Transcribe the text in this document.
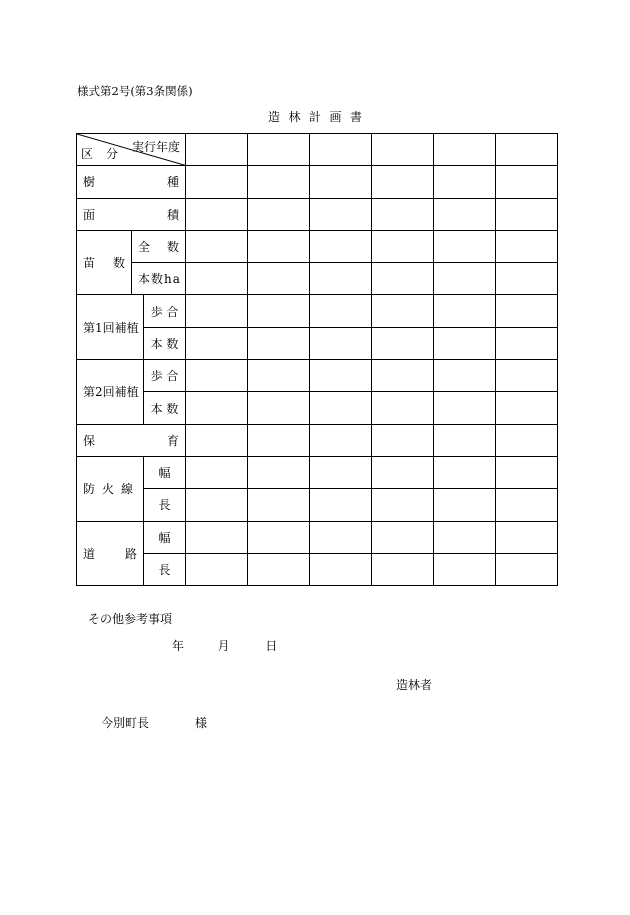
様式第2号(第3条関係)
造林計画書
実行年度
区分								

樹 種								

面 積								

苗 数	全 数							

	本数ha							
第1回補植		歩 合						
		本 数						
第2回補植		歩 合						
		本 数						

保 育								

防 火 線		幅						
		長						

道 路		幅						
		長						
その他参考事項
年	月	日
造林者
今別町長	様
